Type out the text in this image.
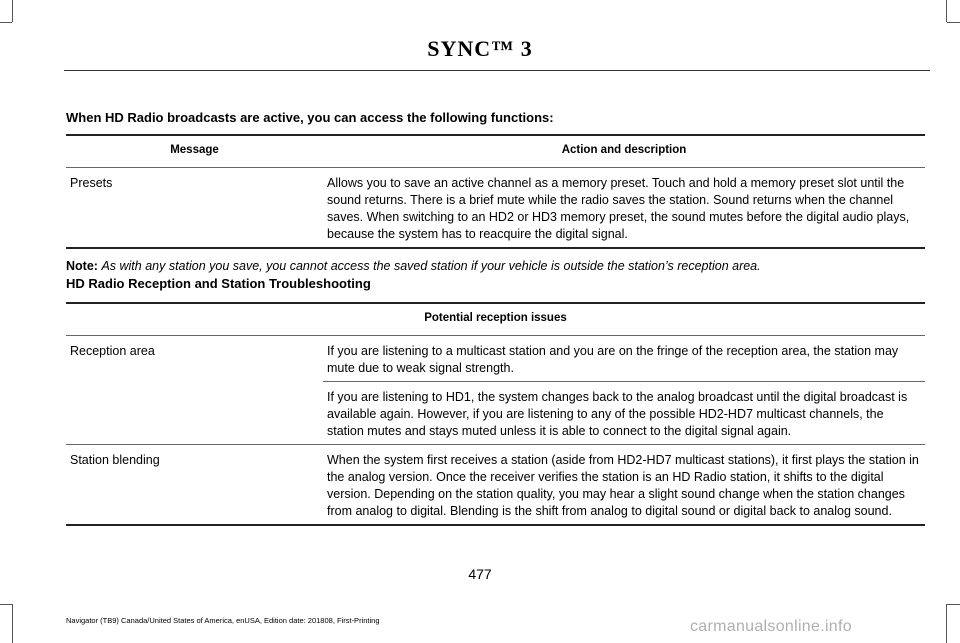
SYNC™ 3
When HD Radio broadcasts are active, you can access the following functions:
Message	Action and description
Presets	Allows you to save an active channel as a memory preset. Touch and hold a memory preset slot until the sound returns. There is a brief mute while the radio saves the station. Sound returns when the channel saves. When switching to an HD2 or HD3 memory preset, the sound mutes before the digital audio plays, because the system has to reacquire the digital signal.
Note: As with any station you save, you cannot access the saved station if your vehicle is outside the station’s reception area.
HD Radio Reception and Station Troubleshooting
Potential reception issues	
Reception area	If you are listening to a multicast station and you are on the fringe of the reception area, the station may mute due to weak signal strength.
	If you are listening to HD1, the system changes back to the analog broadcast until the digital broadcast is available again. However, if you are listening to any of the possible HD2-HD7 multicast channels, the station mutes and stays muted unless it is able to connect to the digital signal again.
Station blending	When the system first receives a station (aside from HD2-HD7 multicast stations), it first plays the station in the analog version. Once the receiver verifies the station is an HD Radio station, it shifts to the digital version. Depending on the station quality, you may hear a slight sound change when the station changes from analog to digital. Blending is the shift from analog to digital sound or digital back to analog sound.
477
Navigator (TB9) Canada/United States of America, enUSA, Edition date: 201808, First-Printing	carmanualsonline.info
